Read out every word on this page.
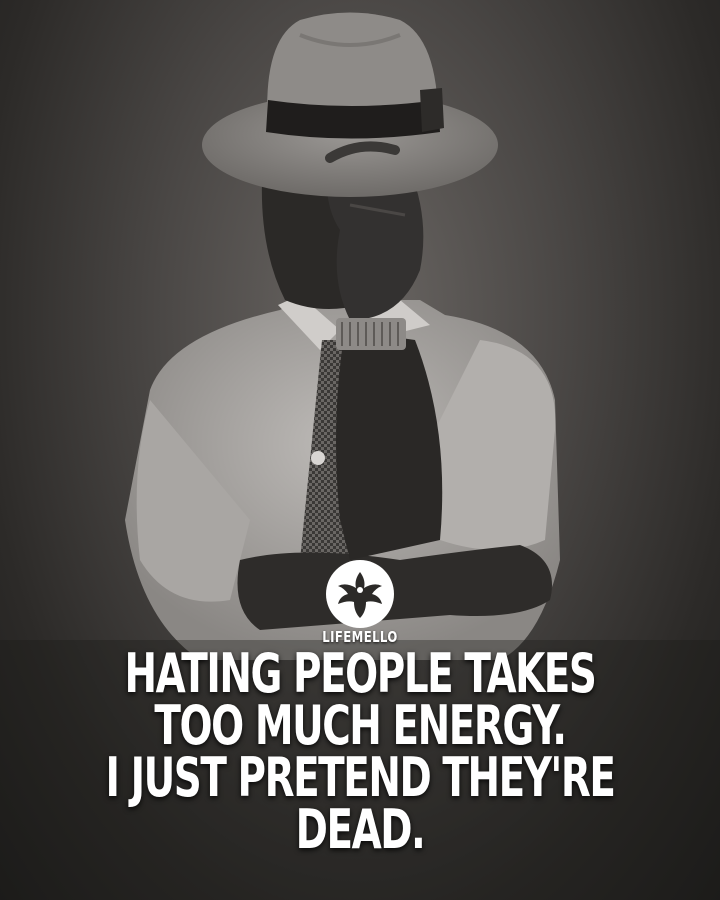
LIFEMELLO
HATING PEOPLE TAKES
TOO MUCH ENERGY.
I JUST PRETEND THEY'RE
DEAD.
